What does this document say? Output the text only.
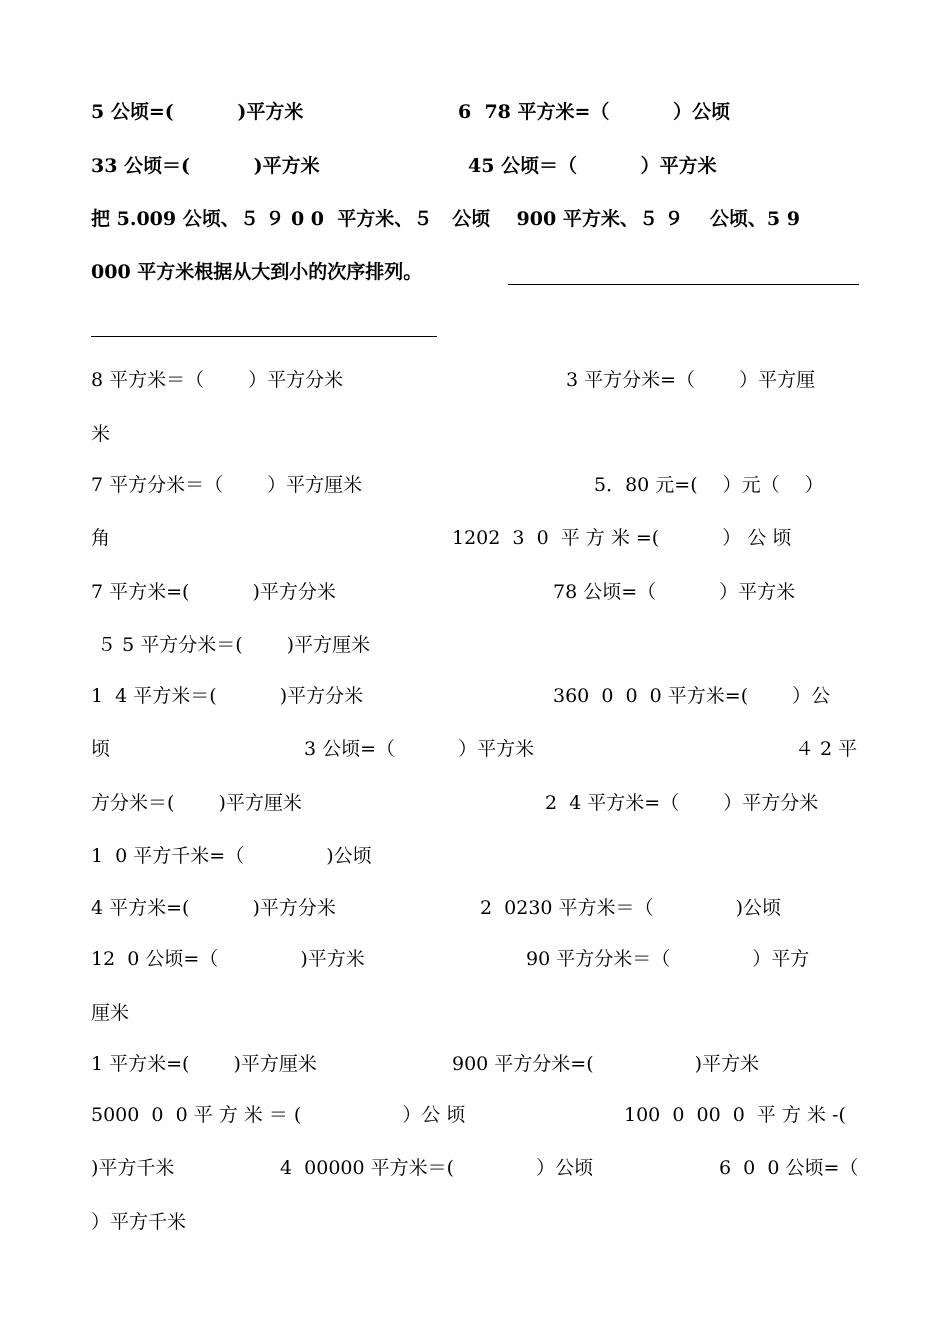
5 公顷=(　　　 )平方米	6  78 平方米=（　　　 ）公顷
33 公顷＝(　　　 )平方米	45 公顷＝（　　　 ）平方米
把 5.009 公顷、５ ９ 0 0  平方米、５   公顷    900 平方米、５ ９    公顷、5 9
000 平方米根据从大到小的次序排列。
8 平方米＝（　　 ）平方分米	3 平方分米=（　　 ）平方厘
米
7 平方分米＝（　　 ）平方厘米	5．80 元=(　 ）元（　 ）
角	1202  3  0  平 方 米 =(　　　 ） 公 顷
7 平方米=(　　　 )平方分米	78 公顷=（　　　 ）平方米
５ 5 平方分米＝(　　 )平方厘米
1  4 平方米＝(　　　 )平方分米	360  0  0  0 平方米=(　　 ）公
顷	3 公顷=（　　　 ）平方米	４ 2 平
方分米＝(　　 )平方厘米	2  4 平方米=（　　 ）平方分米
1  0 平方千米=（　　　　 )公顷
4 平方米=(　　　 )平方分米	2  0230 平方米＝（　　　　 )公顷
12  0 公顷=（　　　　 )平方米	90 平方分米＝（　　　　 ）平方
厘米
1 平方米=(　　 )平方厘米	900 平方分米=(　　　　　 )平方米
5000  0  0 平 方 米 ＝ (　　　　　 ）公 顷	100  0  00  0  平 方 米 -(
)平方千米	4  00000 平方米＝(　　　　 ）公顷	6  0  0 公顷=（
）平方千米
